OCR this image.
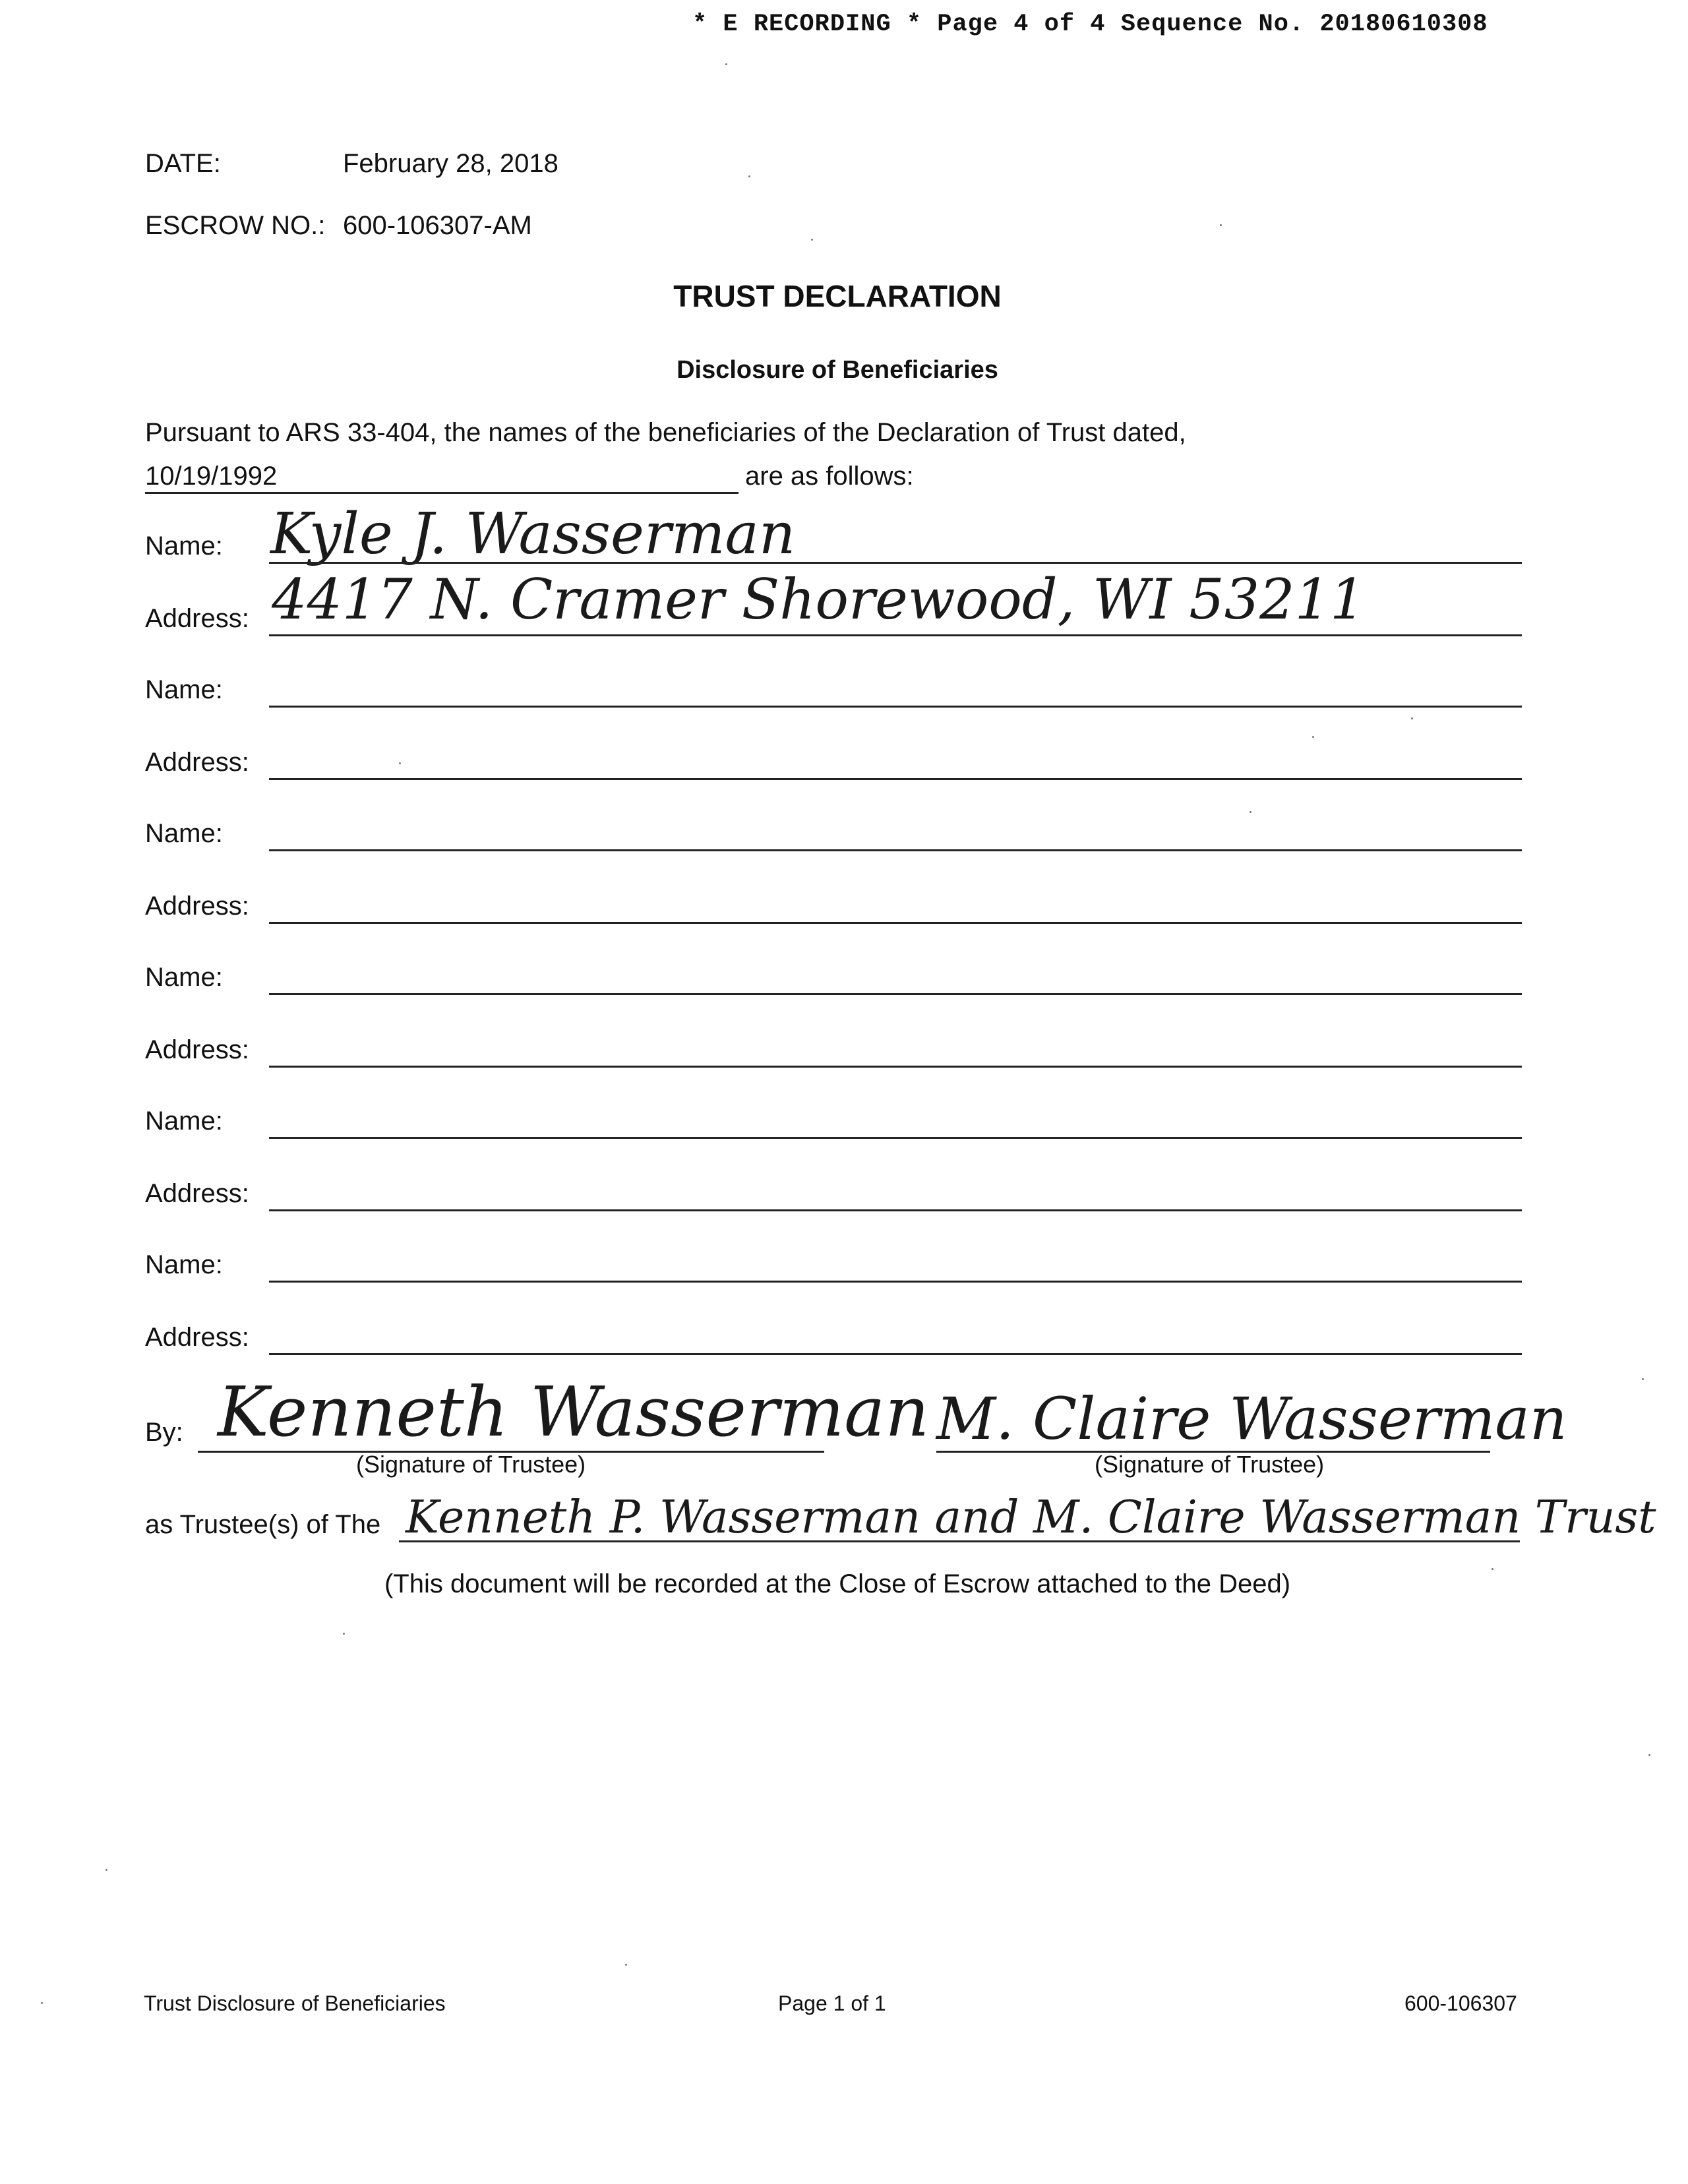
* E RECORDING * Page 4 of 4 Sequence No. 20180610308
DATE:	February 28, 2018
ESCROW NO.: 600-106307-AM
TRUST DECLARATION
Disclosure of Beneficiaries
Pursuant to ARS 33-404, the names of the beneficiaries of the Declaration of Trust dated,
10/19/1992	are as follows:
Name: Kyle J. Wasserman
Address: 4417 N. Cramer Shorewood, WI 53211
Name:
Address:
Name:
Address:
Name:
Address:
Name:
Address:
Name:
Address:
By: Kenneth Wasserman
(Signature of Trustee)
M. Claire Wasserman
(Signature of Trustee)
as Trustee(s) of The Kenneth P. Wasserman and M. Claire Wasserman Trust
(This document will be recorded at the Close of Escrow attached to the Deed)
Trust Disclosure of Beneficiaries	Page 1 of 1	600-106307
